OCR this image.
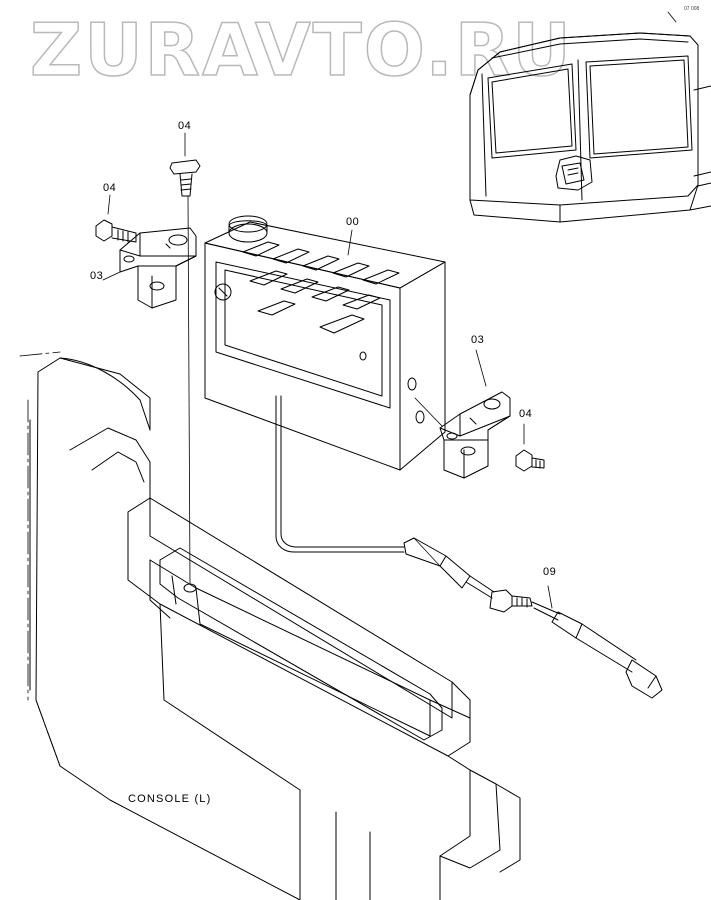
ZURAVTO.RU
04
04
03
00
03
04
09
CONSOLE (L)
07 008
